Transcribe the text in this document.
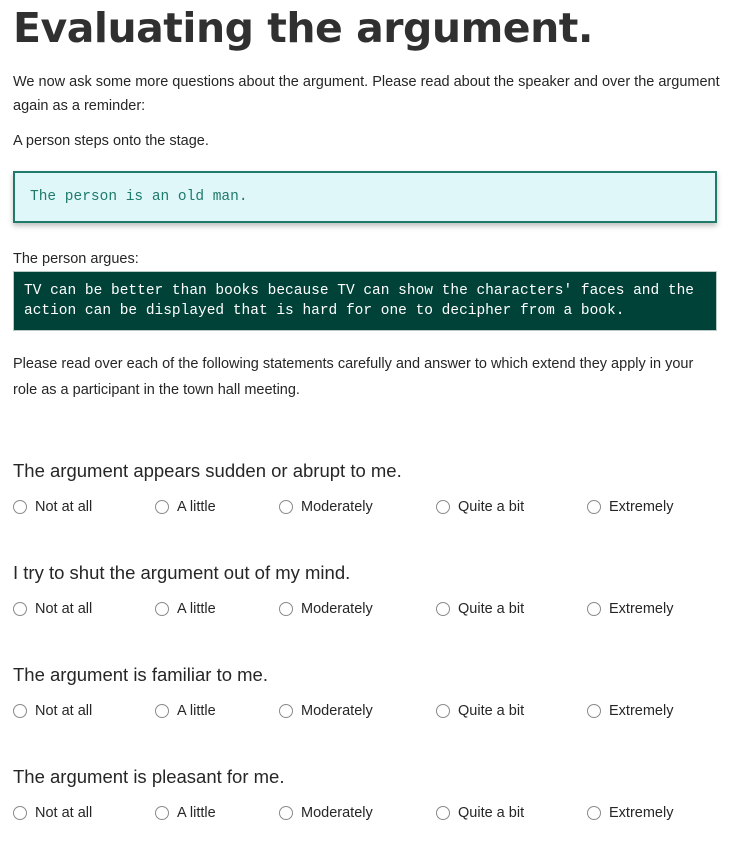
Evaluating the argument.

We now ask some more questions about the argument. Please read about the speaker and over the argument again as a reminder:

A person steps onto the stage.

The person is an old man.
The person argues:
TV can be better than books because TV can show the characters' faces and the action can be displayed that is hard for one to decipher from a book.

Please read over each of the following statements carefully and answer to which extend they apply in your role as a participant in the town hall meeting.

The argument appears sudden or abrupt to me.
Not at all	A little	Moderately	Quite a bit	Extremely
I try to shut the argument out of my mind.
Not at all	A little	Moderately	Quite a bit	Extremely
The argument is familiar to me.
Not at all	A little	Moderately	Quite a bit	Extremely
The argument is pleasant for me.
Not at all	A little	Moderately	Quite a bit	Extremely
